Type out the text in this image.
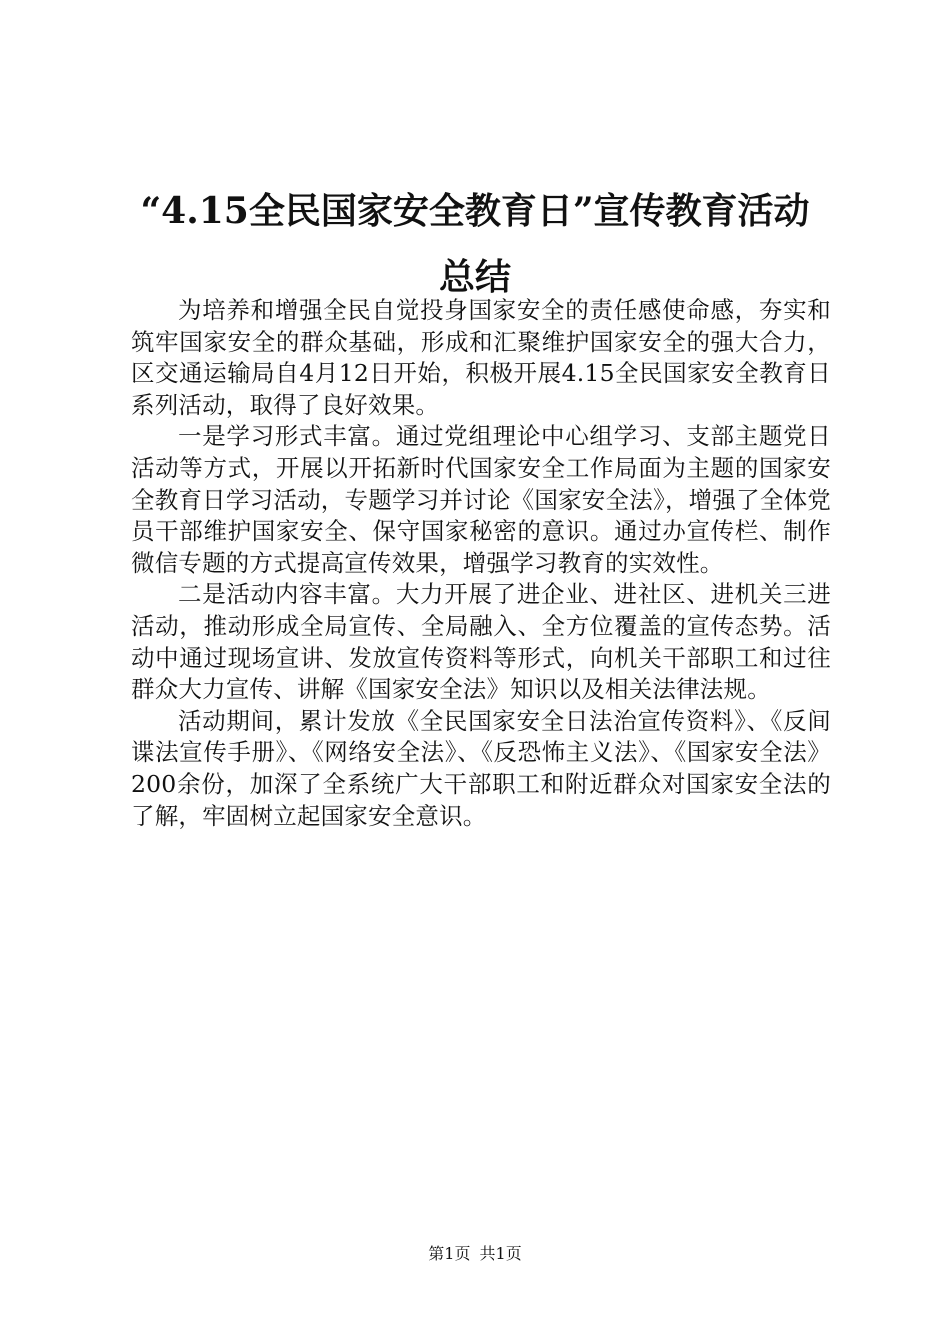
“4.15全民国家安全教育日”宣传教育活动
总结

为培养和增强全民自觉投身国家安全的责任感使命感，夯实和筑牢国家安全的群众基础，形成和汇聚维护国家安全的强大合力，区交通运输局自4月12日开始，积极开展4.15全民国家安全教育日系列活动，取得了良好效果。

一是学习形式丰富。通过党组理论中心组学习、支部主题党日活动等方式，开展以开拓新时代国家安全工作局面为主题的国家安全教育日学习活动，专题学习并讨论《国家安全法》，增强了全体党员干部维护国家安全、保守国家秘密的意识。通过办宣传栏、制作微信专题的方式提高宣传效果，增强学习教育的实效性。

二是活动内容丰富。大力开展了进企业、进社区、进机关三进活动，推动形成全局宣传、全局融入、全方位覆盖的宣传态势。活动中通过现场宣讲、发放宣传资料等形式，向机关干部职工和过往群众大力宣传、讲解《国家安全法》知识以及相关法律法规。

活动期间，累计发放《全民国家安全日法治宣传资料》、《反间谍法宣传手册》、《网络安全法》、《反恐怖主义法》、《国家安全法》200余份，加深了全系统广大干部职工和附近群众对国家安全法的了解，牢固树立起国家安全意识。

第1页 共1页
